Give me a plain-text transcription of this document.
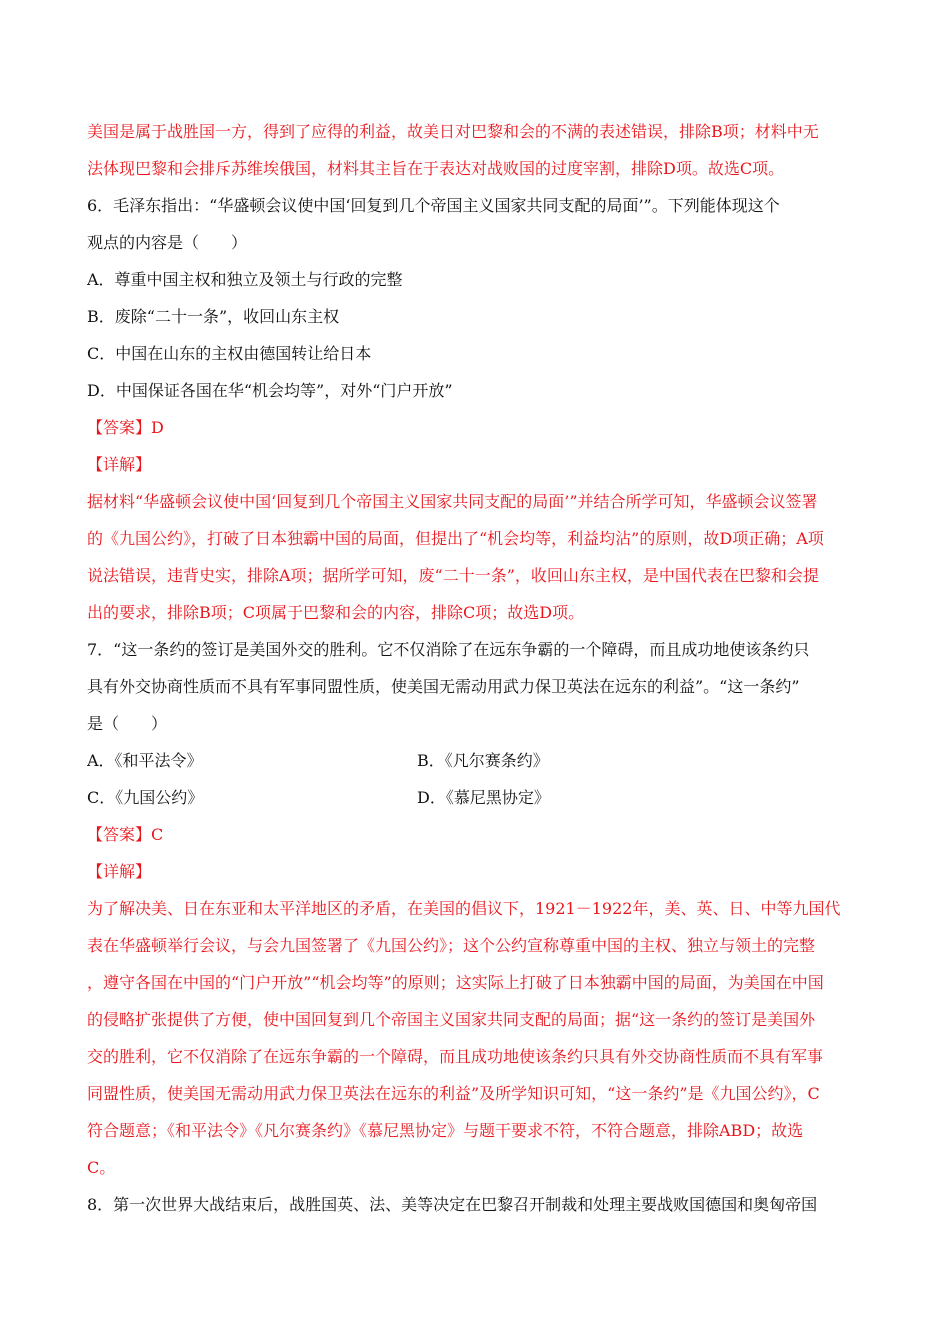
美国是属于战胜国一方，得到了应得的利益，故美日对巴黎和会的不满的表述错误，排除B项；材料中无
法体现巴黎和会排斥苏维埃俄国，材料其主旨在于表达对战败国的过度宰割，排除D项。故选C项。
6．毛泽东指出：“华盛顿会议使中国‘回复到几个帝国主义国家共同支配的局面’”。下列能体现这个
观点的内容是（　　）
A．尊重中国主权和独立及领土与行政的完整
B．废除“二十一条”，收回山东主权
C．中国在山东的主权由德国转让给日本
D．中国保证各国在华“机会均等”，对外“门户开放”
【答案】D
【详解】
据材料“华盛顿会议使中国‘回复到几个帝国主义国家共同支配的局面’”并结合所学可知，华盛顿会议签署
的《九国公约》，打破了日本独霸中国的局面，但提出了“机会均等，利益均沾”的原则，故D项正确；A项
说法错误，违背史实，排除A项；据所学可知，废“二十一条”，收回山东主权，是中国代表在巴黎和会提
出的要求，排除B项；C项属于巴黎和会的内容，排除C项；故选D项。
7．“这一条约的签订是美国外交的胜利。它不仅消除了在远东争霸的一个障碍，而且成功地使该条约只
具有外交协商性质而不具有军事同盟性质，使美国无需动用武力保卫英法在远东的利益”。“这一条约”
是（　　）
A．《和平法令》	B．《凡尔赛条约》
C．《九国公约》	D．《慕尼黑协定》
【答案】C
【详解】
为了解决美、日在东亚和太平洋地区的矛盾，在美国的倡议下，1921－1922年，美、英、日、中等九国代
表在华盛顿举行会议，与会九国签署了《九国公约》；这个公约宣称尊重中国的主权、独立与领土的完整
，遵守各国在中国的“门户开放”“机会均等”的原则；这实际上打破了日本独霸中国的局面，为美国在中国
的侵略扩张提供了方便，使中国回复到几个帝国主义国家共同支配的局面；据“这一条约的签订是美国外
交的胜利，它不仅消除了在远东争霸的一个障碍，而且成功地使该条约只具有外交协商性质而不具有军事
同盟性质，使美国无需动用武力保卫英法在远东的利益”及所学知识可知，“这一条约”是《九国公约》，C
符合题意；《和平法令》《凡尔赛条约》《慕尼黑协定》与题干要求不符，不符合题意，排除ABD；故选
C。
8．第一次世界大战结束后，战胜国英、法、美等决定在巴黎召开制裁和处理主要战败国德国和奥匈帝国
